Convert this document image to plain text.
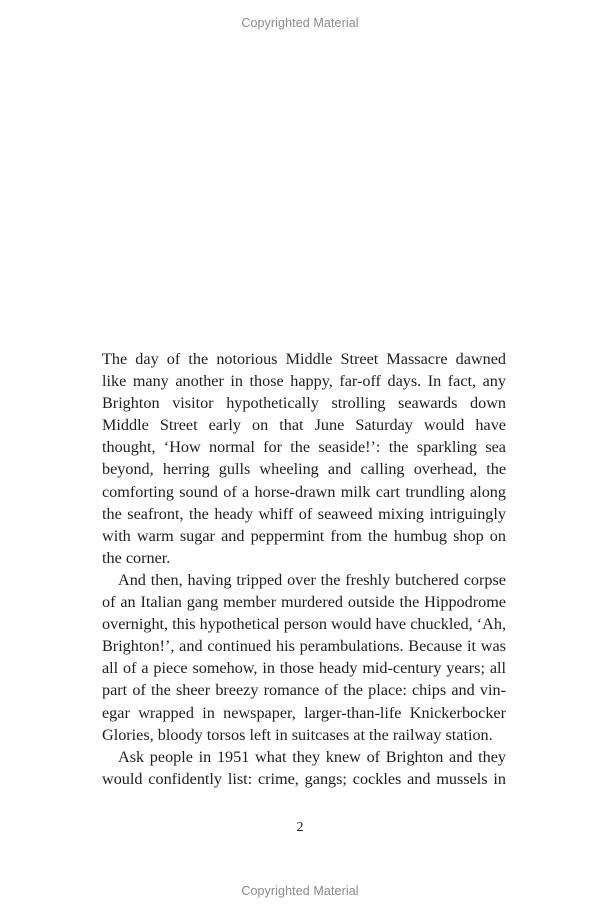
Copyrighted Material
The day of the notorious Middle Street Massacre dawned
like many another in those happy, far-off days. In fact, any
Brighton visitor hypothetically strolling seawards down
Middle Street early on that June Saturday would have
thought, ‘How normal for the seaside!’: the sparkling sea
beyond, herring gulls wheeling and calling overhead, the
comforting sound of a horse-drawn milk cart trundling along
the seafront, the heady whiff of seaweed mixing intriguingly
with warm sugar and peppermint from the humbug shop on
the corner.
And then, having tripped over the freshly butchered corpse
of an Italian gang member murdered outside the Hippodrome
overnight, this hypothetical person would have chuckled, ‘Ah,
Brighton!’, and continued his perambulations. Because it was
all of a piece somehow, in those heady mid-century years; all
part of the sheer breezy romance of the place: chips and vin-
egar wrapped in newspaper, larger-than-life Knickerbocker
Glories, bloody torsos left in suitcases at the railway station.
Ask people in 1951 what they knew of Brighton and they
would confidently list: crime, gangs; cockles and mussels in
2
Copyrighted Material
